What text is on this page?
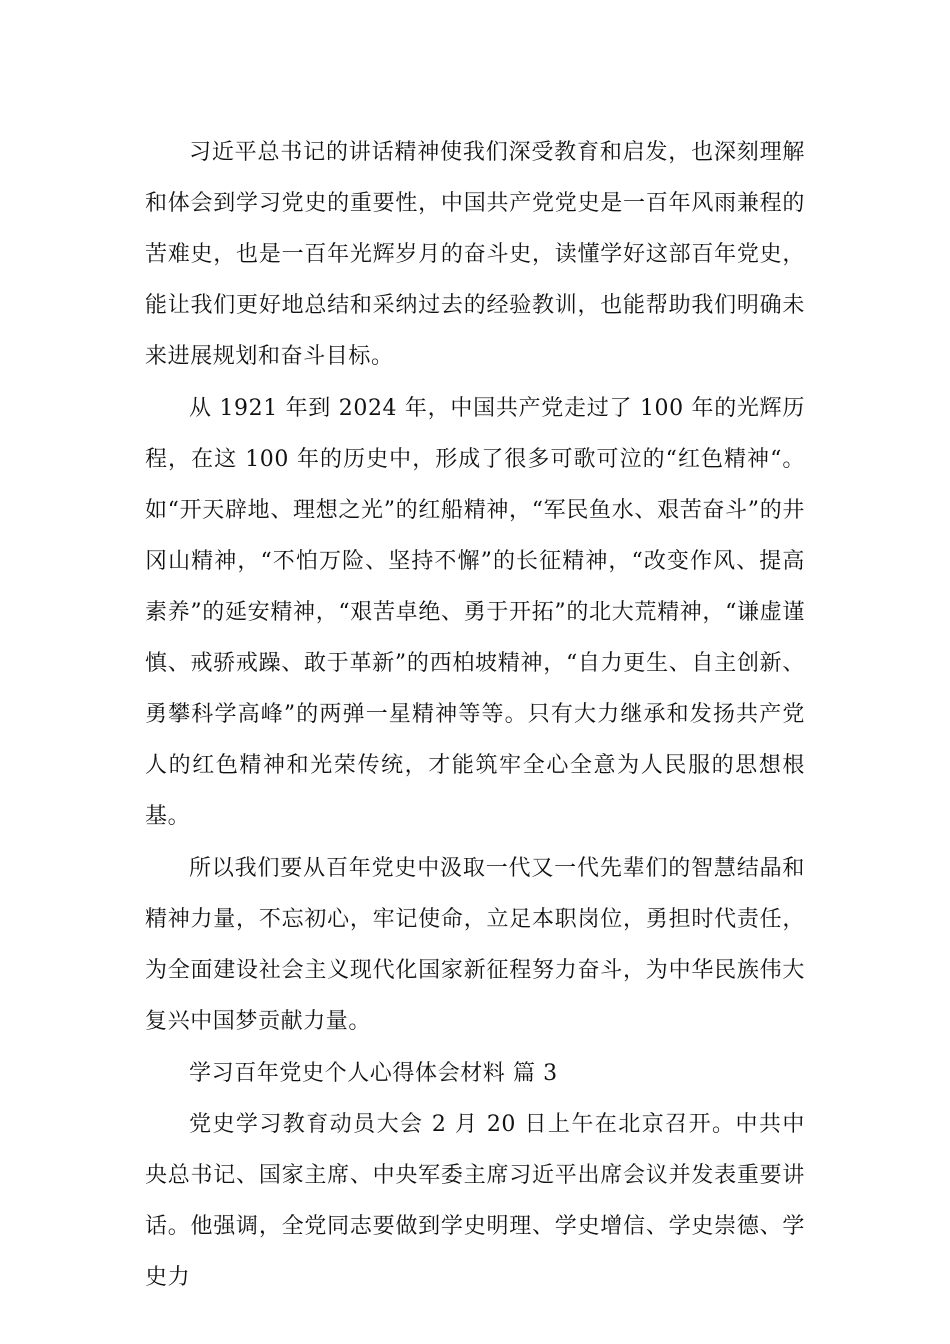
习近平总书记的讲话精神使我们深受教育和启发，也深刻理解和体会到学习党史的重要性，中国共产党党史是一百年风雨兼程的苦难史，也是一百年光辉岁月的奋斗史，读懂学好这部百年党史，能让我们更好地总结和采纳过去的经验教训，也能帮助我们明确未来进展规划和奋斗目标。

从 1921 年到 2024 年，中国共产党走过了 100 年的光辉历程，在这 100 年的历史中，形成了很多可歌可泣的“红色精神“。如“开天辟地、理想之光”的红船精神，“军民鱼水、艰苦奋斗”的井冈山精神，“不怕万险、坚持不懈”的长征精神，“改变作风、提高素养”的延安精神，“艰苦卓绝、勇于开拓”的北大荒精神，“谦虚谨慎、戒骄戒躁、敢于革新”的西柏坡精神，“自力更生、自主创新、勇攀科学高峰”的两弹一星精神等等。只有大力继承和发扬共产党人的红色精神和光荣传统，才能筑牢全心全意为人民服的思想根基。

所以我们要从百年党史中汲取一代又一代先辈们的智慧结晶和精神力量，不忘初心，牢记使命，立足本职岗位，勇担时代责任，为全面建设社会主义现代化国家新征程努力奋斗，为中华民族伟大复兴中国梦贡献力量。

学习百年党史个人心得体会材料 篇 3

党史学习教育动员大会 2 月 20 日上午在北京召开。中共中央总书记、国家主席、中央军委主席习近平出席会议并发表重要讲话。他强调，全党同志要做到学史明理、学史增信、学史崇德、学史力
